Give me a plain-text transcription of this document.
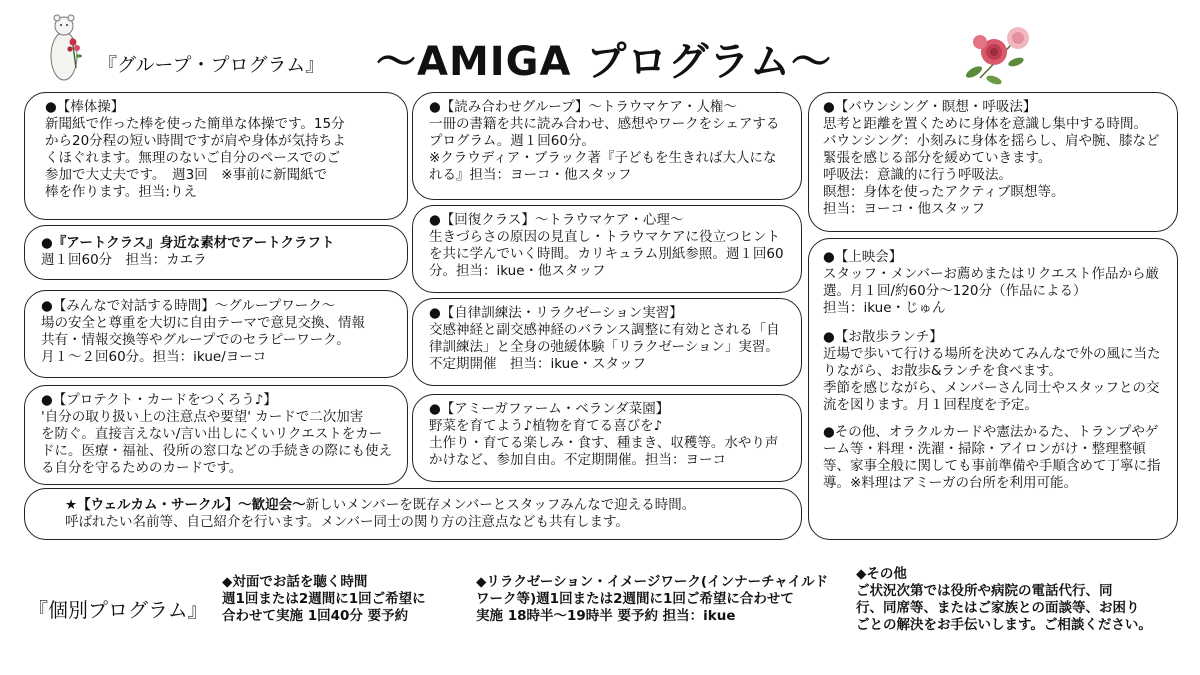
『グループ・プログラム』 ～AMIGA プログラム～
●【棒体操】
新聞紙で作った棒を使った簡単な体操です。15分
から20分程の短い時間ですが肩や身体が気持ちよ
くほぐれます。無理のないご自分のペースでのご
参加で大丈夫です。　週3回　※事前に新聞紙で
棒を作ります。担当:りえ
●『アートクラス』身近な素材でアートクラフト
週１回60分　担当：カエラ
●【みんなで対話する時間】～グループワーク～
場の安全と尊重を大切に自由テーマで意見交換、情報
共有・情報交換等やグループでのセラピーワーク。
月１～２回60分。担当：ikue/ヨーコ
●【プロテクト・カードをつくろう♪】
'自分の取り扱い上の注意点や要望' カードで二次加害
を防ぐ。直接言えない/言い出しにくいリクエストをカードに。医療・福祉、役所の窓口などの手続きの際にも使える自分を守るためのカードです。
●【読み合わせグループ】～トラウマケア・人権～
一冊の書籍を共に読み合わせ、感想やワークをシェアするプログラム。週１回60分。
※クラウディア・ブラック著『子どもを生きれば大人になれる』担当：ヨーコ・他スタッフ
●【回復クラス】～トラウマケア・心理～
生きづらさの原因の見直し・トラウマケアに役立つヒントを共に学んでいく時間。カリキュラム別紙参照。週１回60分。担当：ikue・他スタッフ
●【自律訓練法・リラクゼーション実習】
交感神経と副交感神経のバランス調整に有効とされる「自律訓練法」と全身の弛緩体験「リラクゼーション」実習。不定期開催　担当：ikue・スタッフ
●【アミーガファーム・ベランダ菜園】
野菜を育てよう♪植物を育てる喜びを♪
土作り・育てる楽しみ・食す、種まき、収穫等。水やり声かけなど、参加自由。不定期開催。担当：ヨーコ
●【バウンシング・瞑想・呼吸法】
思考と距離を置くために身体を意識し集中する時間。
バウンシング：小刻みに身体を揺らし、肩や腕、膝など緊張を感じる部分を緩めていきます。
呼吸法：意識的に行う呼吸法。
瞑想：身体を使ったアクティブ瞑想等。
担当：ヨーコ・他スタッフ
●【上映会】
スタッフ・メンバーお薦めまたはリクエスト作品から厳選。月１回/約60分～120分（作品による）
担当：ikue・じゅん
●【お散歩ランチ】
近場で歩いて行ける場所を決めてみんなで外の風に当たりながら、お散歩&ランチを食べます。
季節を感じながら、メンバーさん同士やスタッフとの交流を図ります。月１回程度を予定。
●その他、オラクルカードや憲法かるた、トランプやゲーム等・料理・洗濯・掃除・アイロンがけ・整理整頓等、家事全般に関しても事前準備や手順含めて丁寧に指導。※料理はアミーガの台所を利用可能。
★【ウェルカム・サークル】～歓迎会～新しいメンバーを既存メンバーとスタッフみんなで迎える時間。
呼ばれたい名前等、自己紹介を行います。メンバー同士の関り方の注意点なども共有します。
『個別プログラム』
◆対面でお話を聴く時間
週1回または2週間に1回ご希望に
合わせて実施 1回40分 要予約
◆リラクゼーション・イメージワーク(インナーチャイルド
ワーク等)週1回または2週間に1回ご希望に合わせて
実施 18時半～19時半 要予約 担当：ikue
◆その他
ご状況次第では役所や病院の電話代行、同
行、同席等、またはご家族との面談等、お困り
ごとの解決をお手伝いします。ご相談ください。
